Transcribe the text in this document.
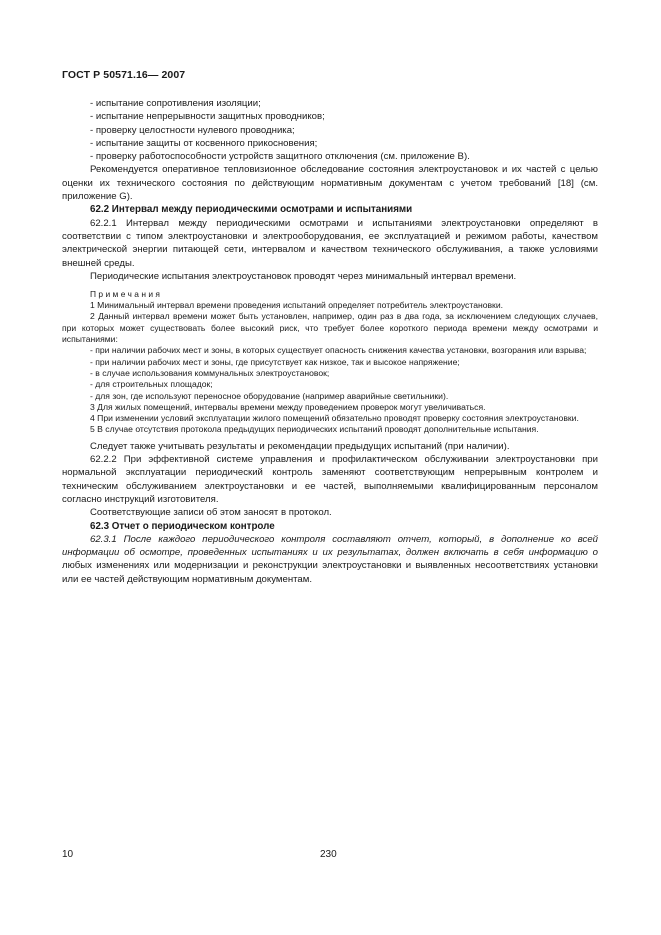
ГОСТ Р 50571.16— 2007

- испытание сопротивления изоляции;

- испытание непрерывности защитных проводников;

- проверку целостности нулевого проводника;

- испытание защиты от косвенного прикосновения;

- проверку работоспособности устройств защитного отключения (см. приложение В).

Рекомендуется оперативное тепловизионное обследование состояния электроустановок и их частей с целью оценки их технического состояния по действующим нормативным документам с учетом требований [18] (см. приложение G).

62.2 Интервал между периодическими осмотрами и испытаниями

62.2.1 Интервал между периодическими осмотрами и испытаниями электроустановки определяют в соответствии с типом электроустановки и электрооборудования, ее эксплуатацией и режимом работы, качеством электрической энергии питающей сети, интервалом и качеством технического обслуживания, а также условиями внешней среды.

Периодические испытания электроустановок проводят через минимальный интервал времени.

Примечания

1 Минимальный интервал времени проведения испытаний определяет потребитель электроустановки.

2 Данный интервал времени может быть установлен, например, один раз в два года, за исключением следующих случаев, при которых может существовать более высокий риск, что требует более короткого периода времени между осмотрами и испытаниями:

- при наличии рабочих мест и зоны, в которых существует опасность снижения качества установки, возгорания или взрыва;

- при наличии рабочих мест и зоны, где присутствует как низкое, так и высокое напряжение;

- в случае использования коммунальных электроустановок;

- для строительных площадок;

- для зон, где используют переносное оборудование (например аварийные светильники).

3 Для жилых помещений, интервалы времени между проведением проверок могут увеличиваться.

4 При изменении условий эксплуатации жилого помещений обязательно проводят проверку состояния электроустановки.

5 В случае отсутствия протокола предыдущих периодических испытаний проводят дополнительные испытания.

Следует также учитывать результаты и рекомендации предыдущих испытаний (при наличии).

62.2.2 При эффективной системе управления и профилактическом обслуживании электроустановки при нормальной эксплуатации периодический контроль заменяют соответствующим непрерывным контролем и техническим обслуживанием электроустановки и ее частей, выполняемыми квалифицированным персоналом согласно инструкций изготовителя.

Соответствующие записи об этом заносят в протокол.

62.3 Отчет о периодическом контроле

62.3.1 После каждого периодического контроля составляют отчет, который, в дополнение ко всей информации об осмотре, проведенных испытаниях и их результатах, должен включать в себя информацию о любых изменениях или модернизации и реконструкции электроустановки и выявленных несоответствиях установки или ее частей действующим нормативным документам.

10	230
